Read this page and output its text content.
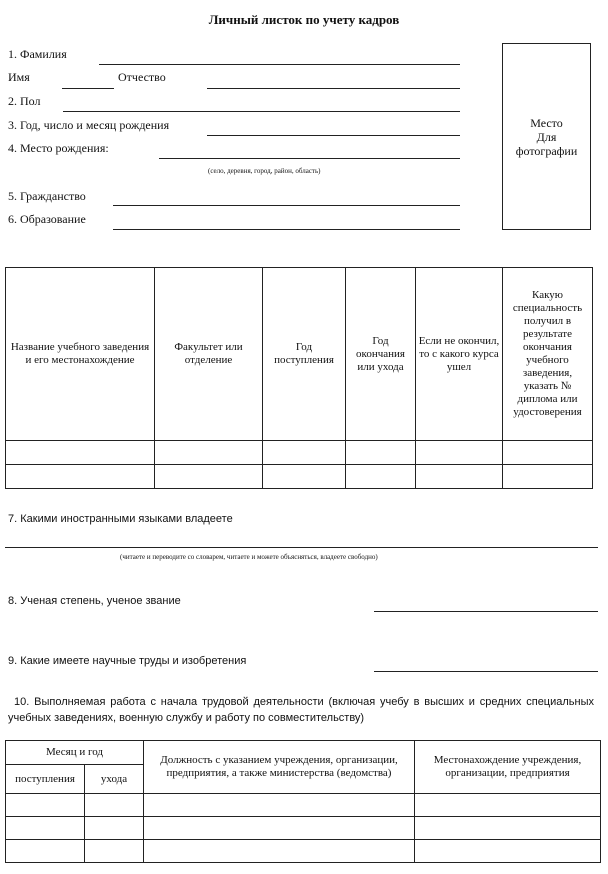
Личный листок по учету кадров
1. Фамилия
Имя	Отчество
2. Пол
3. Год, число и месяц рождения
4. Место рождения:
(село, деревня, город, район, область)
5. Гражданство
6. Образование
Место
Для
фотографии
Название учебного заведения и его местонахождение	Факультет или отделение	Год поступления	Год окончания или ухода	Если не окончил, то с какого курса ушел	Какую специальность получил в результате окончания учебного заведения, указать № диплома или удостоверения

7. Какими иностранными языками владеете
(читаете и переводите со словарем, читаете и можете объясняться, владеете свободно)
8. Ученая степень, ученое звание
9. Какие имеете научные труды и изобретения
10. Выполняемая работа с начала трудовой деятельности (включая учебу в высших и средних специальных учебных заведениях, военную службу и работу по совместительству)
Месяц и год		Должность с указанием учреждения, организации, предприятия, а также министерства (ведомства)	Местонахождение учреждения, организации, предприятия
поступления	ухода		
